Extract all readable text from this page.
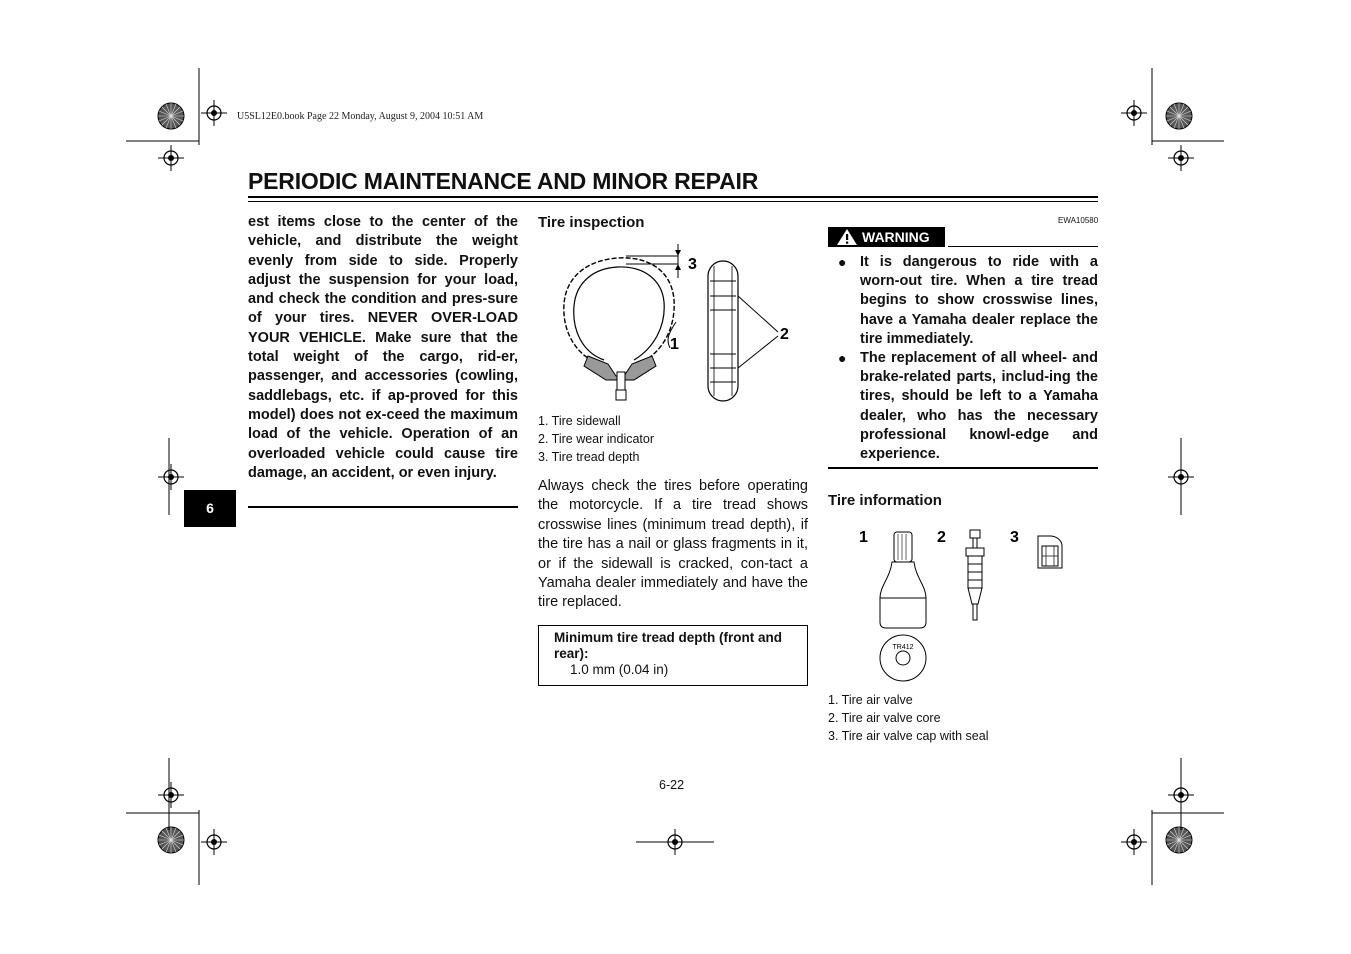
U5SL12E0.book Page 22 Monday, August 9, 2004 10:51 AM
PERIODIC MAINTENANCE AND MINOR REPAIR
est items close to the center of the vehicle, and distribute the weight evenly from side to side. Properly adjust the suspension for your load, and check the condition and pres-sure of your tires. NEVER OVER-LOAD YOUR VEHICLE. Make sure that the total weight of the cargo, rid-er, passenger, and accessories (cowling, saddlebags, etc. if ap-proved for this model) does not ex-ceed the maximum load of the vehicle. Operation of an overloaded vehicle could cause tire damage, an accident, or even injury.
6
Tire inspection
3
2
1
1. Tire sidewall
2. Tire wear indicator
3. Tire tread depth
Always check the tires before operating the motorcycle. If a tire tread shows crosswise lines (minimum tread depth), if the tire has a nail or glass fragments in it, or if the sidewall is cracked, con-tact a Yamaha dealer immediately and have the tire replaced.
Minimum tire tread depth (front and rear):
1.0 mm (0.04 in)
EWA10580
WARNING
● It is dangerous to ride with a worn-out tire. When a tire tread begins to show crosswise lines, have a Yamaha dealer replace the tire immediately.
● The replacement of all wheel- and brake-related parts, includ-ing the tires, should be left to a Yamaha dealer, who has the necessary professional knowl-edge and experience.
Tire information
1	2	3
TR412
1. Tire air valve
2. Tire air valve core
3. Tire air valve cap with seal
6-22
